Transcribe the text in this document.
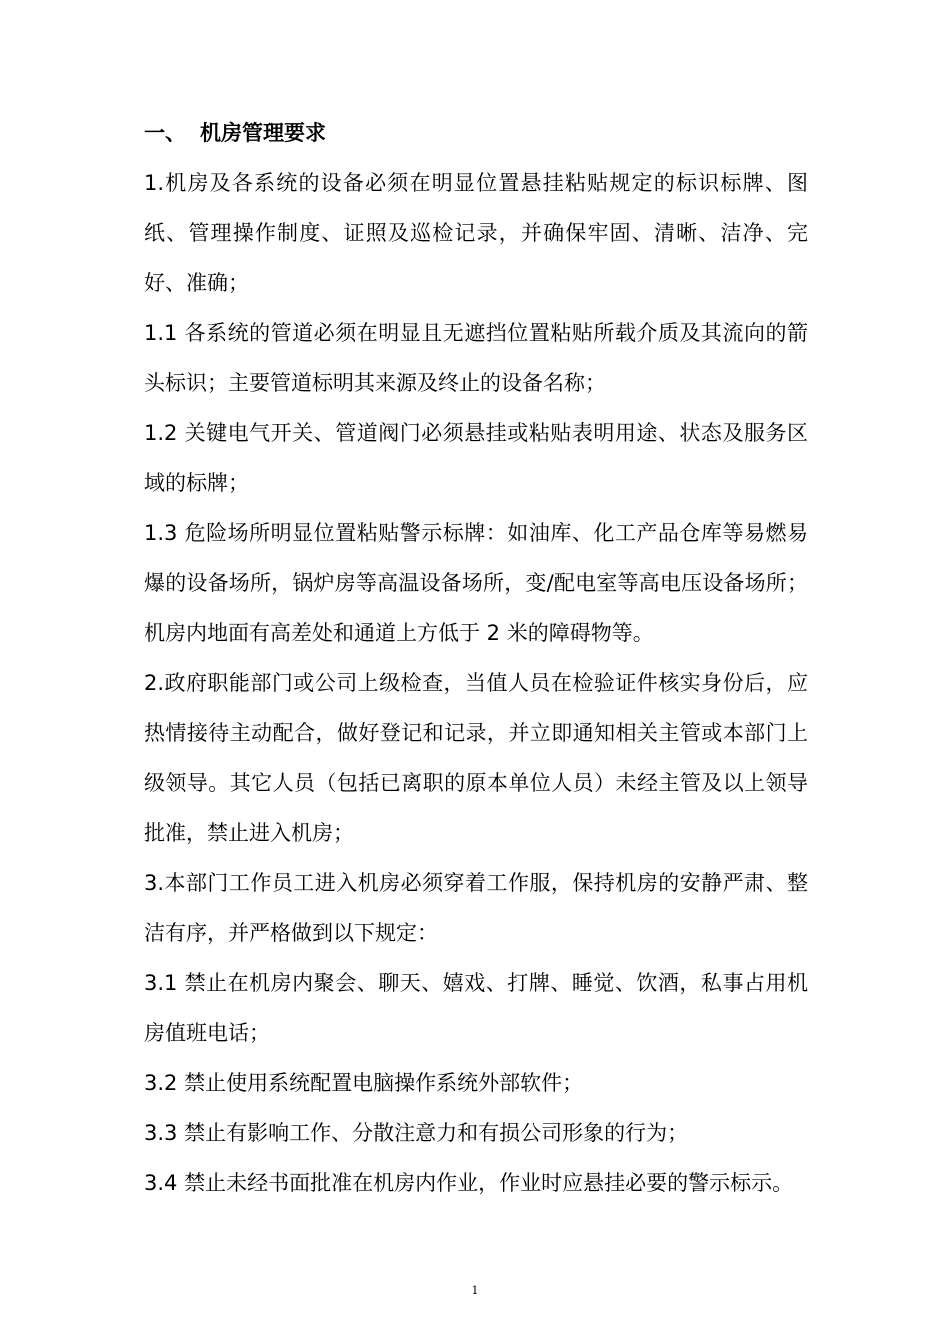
一、 机房管理要求

1.机房及各系统的设备必须在明显位置悬挂粘贴规定的标识标牌、图纸、管理操作制度、证照及巡检记录，并确保牢固、清晰、洁净、完好、准确；

1.1 各系统的管道必须在明显且无遮挡位置粘贴所载介质及其流向的箭头标识；主要管道标明其来源及终止的设备名称；

1.2 关键电气开关、管道阀门必须悬挂或粘贴表明用途、状态及服务区域的标牌；

1.3 危险场所明显位置粘贴警示标牌：如油库、化工产品仓库等易燃易爆的设备场所，锅炉房等高温设备场所，变/配电室等高电压设备场所；机房内地面有高差处和通道上方低于 2 米的障碍物等。

2.政府职能部门或公司上级检查，当值人员在检验证件核实身份后，应热情接待主动配合，做好登记和记录，并立即通知相关主管或本部门上级领导。其它人员（包括已离职的原本单位人员）未经主管及以上领导批准，禁止进入机房；

3.本部门工作员工进入机房必须穿着工作服，保持机房的安静严肃、整洁有序，并严格做到以下规定：

3.1 禁止在机房内聚会、聊天、嬉戏、打牌、睡觉、饮酒，私事占用机房值班电话；

3.2 禁止使用系统配置电脑操作系统外部软件；

3.3 禁止有影响工作、分散注意力和有损公司形象的行为；

3.4 禁止未经书面批准在机房内作业，作业时应悬挂必要的警示标示。

1
